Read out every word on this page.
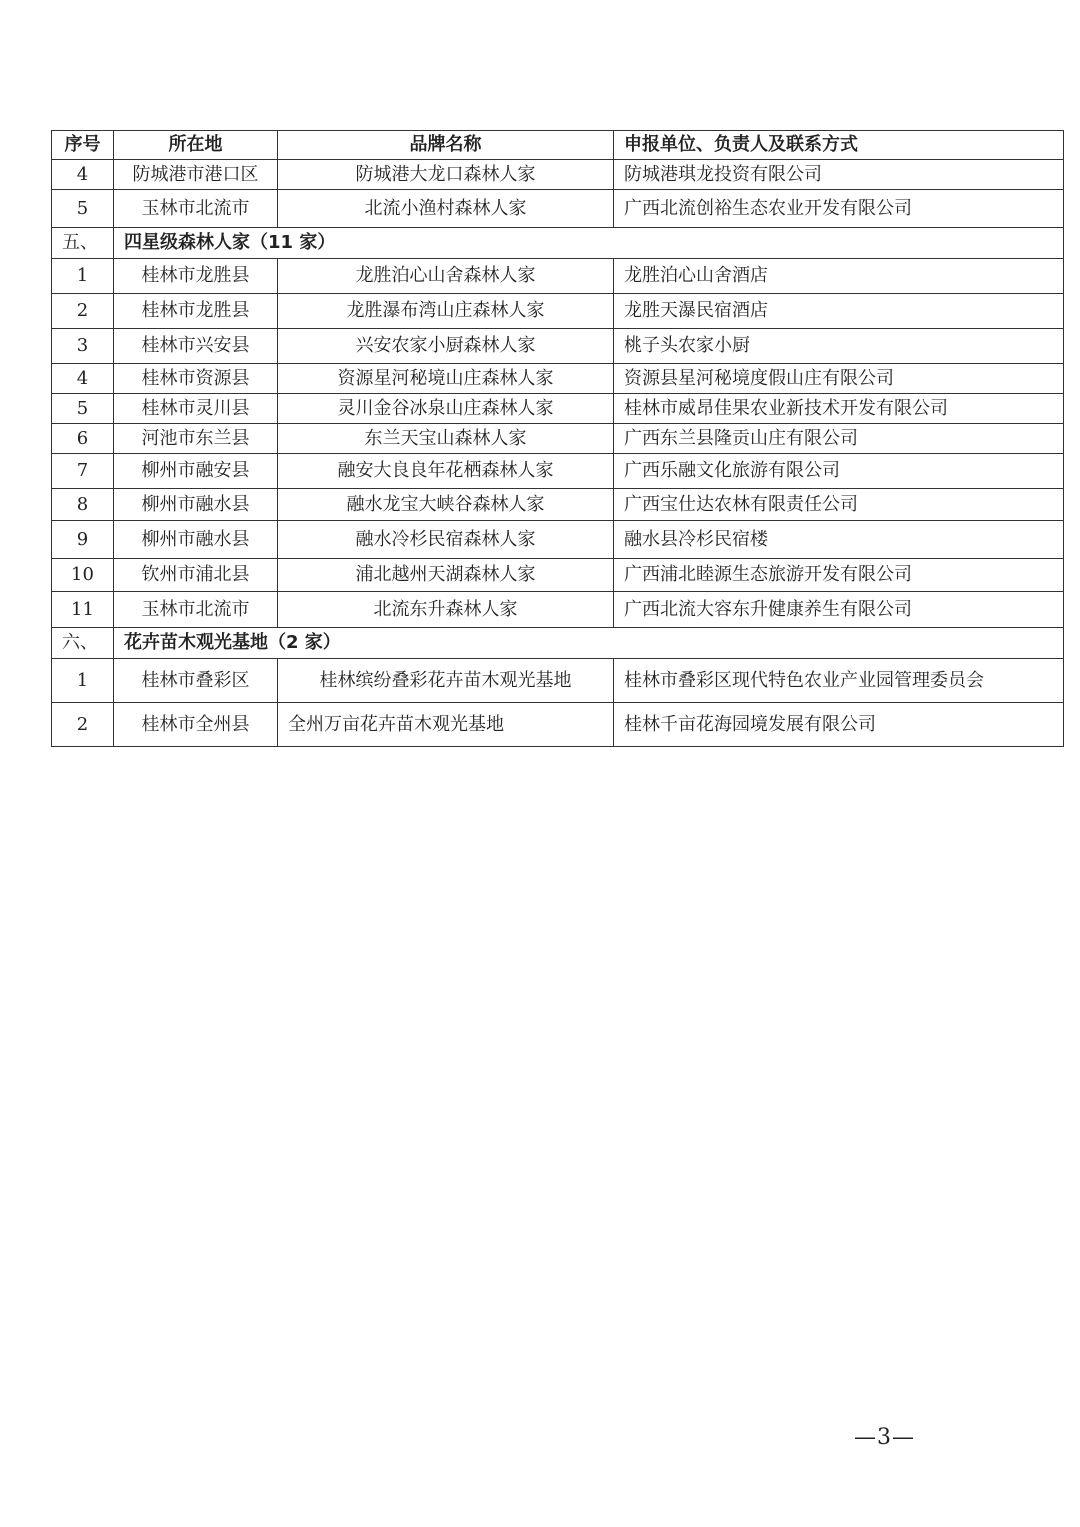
序号	所在地	品牌名称	申报单位、负责人及联系方式
4	防城港市港口区	防城港大龙口森林人家	防城港琪龙投资有限公司
5	玉林市北流市	北流小渔村森林人家	广西北流创裕生态农业开发有限公司
五、	四星级森林人家（11 家）		
1	桂林市龙胜县	龙胜泊心山舍森林人家	龙胜泊心山舍酒店
2	桂林市龙胜县	龙胜瀑布湾山庄森林人家	龙胜天瀑民宿酒店
3	桂林市兴安县	兴安农家小厨森林人家	桃子头农家小厨
4	桂林市资源县	资源星河秘境山庄森林人家	资源县星河秘境度假山庄有限公司
5	桂林市灵川县	灵川金谷冰泉山庄森林人家	桂林市威昂佳果农业新技术开发有限公司
6	河池市东兰县	东兰天宝山森林人家	广西东兰县隆贡山庄有限公司
7	柳州市融安县	融安大良良年花栖森林人家	广西乐融文化旅游有限公司
8	柳州市融水县	融水龙宝大峡谷森林人家	广西宝仕达农林有限责任公司
9	柳州市融水县	融水冷杉民宿森林人家	融水县冷杉民宿楼
10	钦州市浦北县	浦北越州天湖森林人家	广西浦北睦源生态旅游开发有限公司
11	玉林市北流市	北流东升森林人家	广西北流大容东升健康养生有限公司
六、	花卉苗木观光基地（2 家）		
1	桂林市叠彩区	桂林缤纷叠彩花卉苗木观光基地	桂林市叠彩区现代特色农业产业园管理委员会
2	桂林市全州县	全州万亩花卉苗木观光基地	桂林千亩花海园境发展有限公司
—3—
